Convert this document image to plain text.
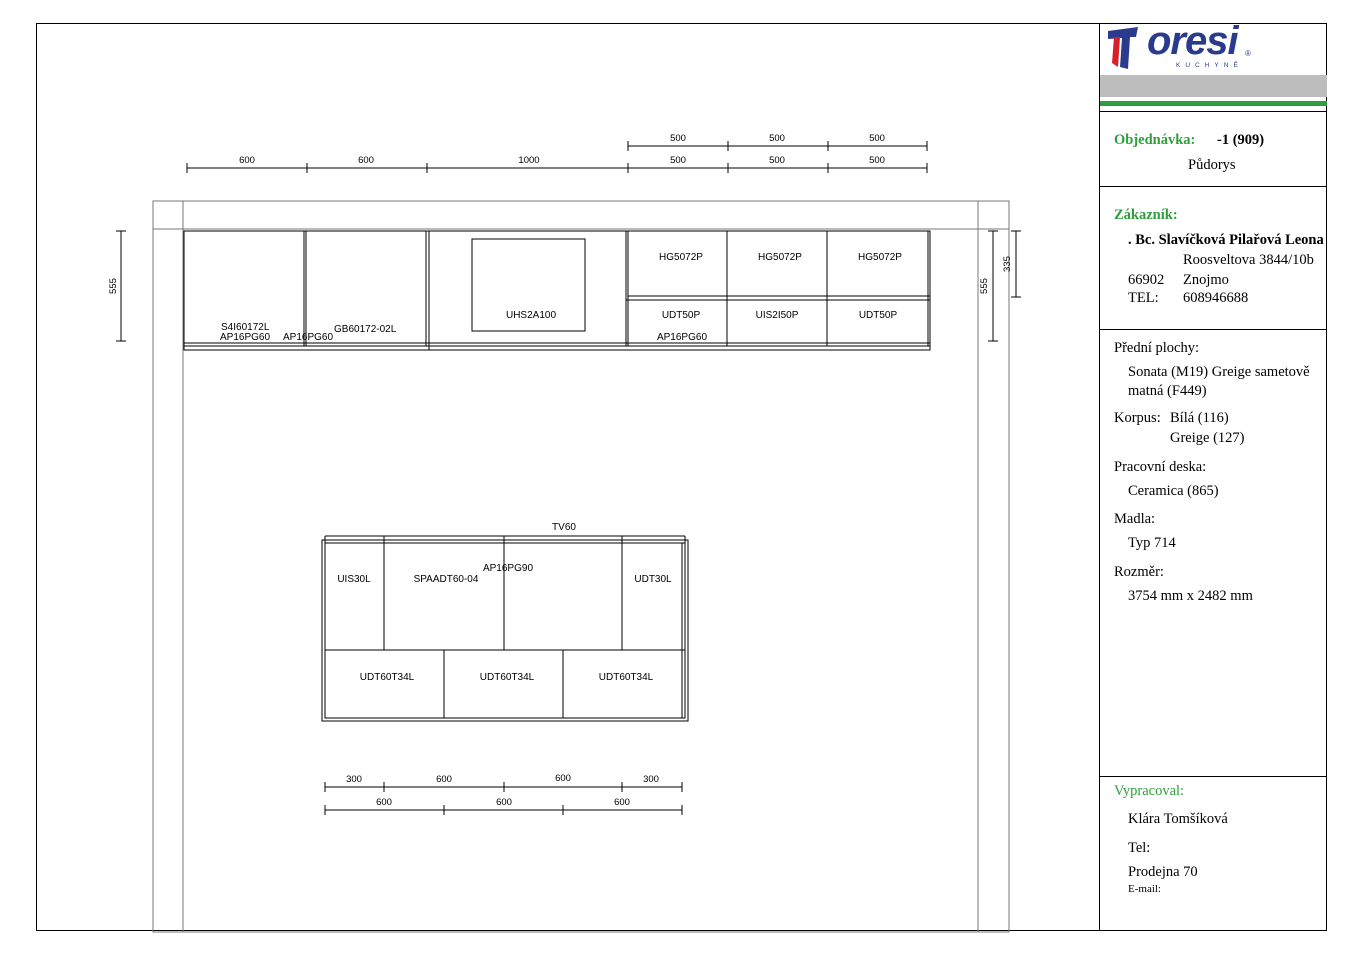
600	600	1000	500	500	500
500	500	500
555	555
335
S4I60172L
AP16PG60 AP16PG60
GB60172-02L
UHS2A100
HG5072P	HG5072P	HG5072P
UDT50P	UIS2I50P	UDT50P
AP16PG60
TV60
AP16PG90
UIS30L	SPAADT60-04	UDT30L
UDT60T34L	UDT60T34L	UDT60T34L
300	600	600	300
600	600	600
oresi ®
KUCHYNĚ
Objednávka: -1 (909)
Půdorys
Zákazník:
. Bc. Slavíčková Pilařová Leona
Roosveltova 3844/10b
66902 Znojmo
TEL: 608946688
Přední plochy:
Sonata (M19) Greige sametově
matná (F449)
Korpus: Bílá (116)
Greige (127)
Pracovní deska:
Ceramica (865)
Madla:
Typ 714
Rozměr:
3754 mm x 2482 mm
Vypracoval:
Klára Tomšíková
Tel:
Prodejna 70
E-mail:
